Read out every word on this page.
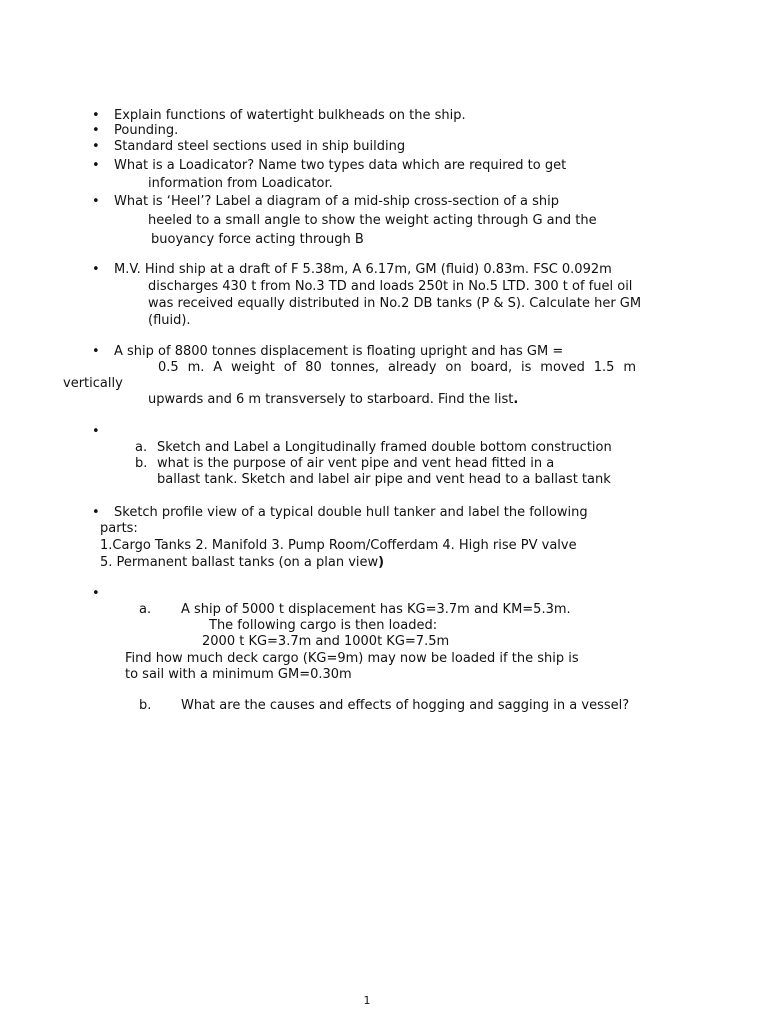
• Explain functions of watertight bulkheads on the ship.
• Pounding.
• Standard steel sections used in ship building
• What is a Loadicator? Name two types data which are required to get
information from Loadicator.
• What is ‘Heel’? Label a diagram of a mid-ship cross-section of a ship
heeled to a small angle to show the weight acting through G and the
buoyancy force acting through B
• M.V. Hind ship at a draft of F 5.38m, A 6.17m, GM (fluid) 0.83m. FSC 0.092m
discharges 430 t from No.3 TD and loads 250t in No.5 LTD. 300 t of fuel oil
was received equally distributed in No.2 DB tanks (P & S). Calculate her GM
(fluid).
• A ship of 8800 tonnes displacement is floating upright and has GM =
0.5 m. A weight of 80 tonnes, already on board, is moved 1.5 m
vertically
upwards and 6 m transversely to starboard. Find the list.
•
a. Sketch and Label a Longitudinally framed double bottom construction
b. what is the purpose of air vent pipe and vent head fitted in a
ballast tank. Sketch and label air pipe and vent head to a ballast tank
• Sketch profile view of a typical double hull tanker and label the following
parts:
1.Cargo Tanks 2. Manifold 3. Pump Room/Cofferdam 4. High rise PV valve
5. Permanent ballast tanks (on a plan view)
•
a. A ship of 5000 t displacement has KG=3.7m and KM=5.3m.
The following cargo is then loaded:
2000 t KG=3.7m and 1000t KG=7.5m
Find how much deck cargo (KG=9m) may now be loaded if the ship is
to sail with a minimum GM=0.30m
b. What are the causes and effects of hogging and sagging in a vessel?
1
